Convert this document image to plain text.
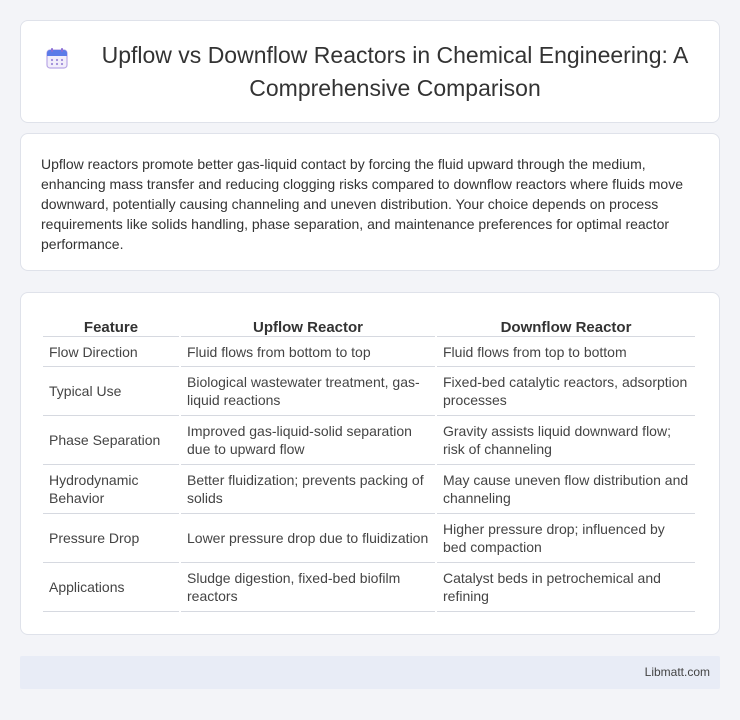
Upflow vs Downflow Reactors in Chemical Engineering: A Comprehensive Comparison

Upflow reactors promote better gas-liquid contact by forcing the fluid upward through the medium, enhancing mass transfer and reducing clogging risks compared to downflow reactors where fluids move downward, potentially causing channeling and uneven distribution. Your choice depends on process requirements like solids handling, phase separation, and maintenance preferences for optimal reactor performance.

Feature	Upflow Reactor	Downflow Reactor
Flow Direction	Fluid flows from bottom to top	Fluid flows from top to bottom
Typical Use	Biological wastewater treatment, gas-liquid reactions	Fixed-bed catalytic reactors, adsorption processes
Phase Separation	Improved gas-liquid-solid separation due to upward flow	Gravity assists liquid downward flow; risk of channeling
Hydrodynamic Behavior	Better fluidization; prevents packing of solids	May cause uneven flow distribution and channeling
Pressure Drop	Lower pressure drop due to fluidization	Higher pressure drop; influenced by bed compaction
Applications	Sludge digestion, fixed-bed biofilm reactors	Catalyst beds in petrochemical and refining
Libmatt.com
